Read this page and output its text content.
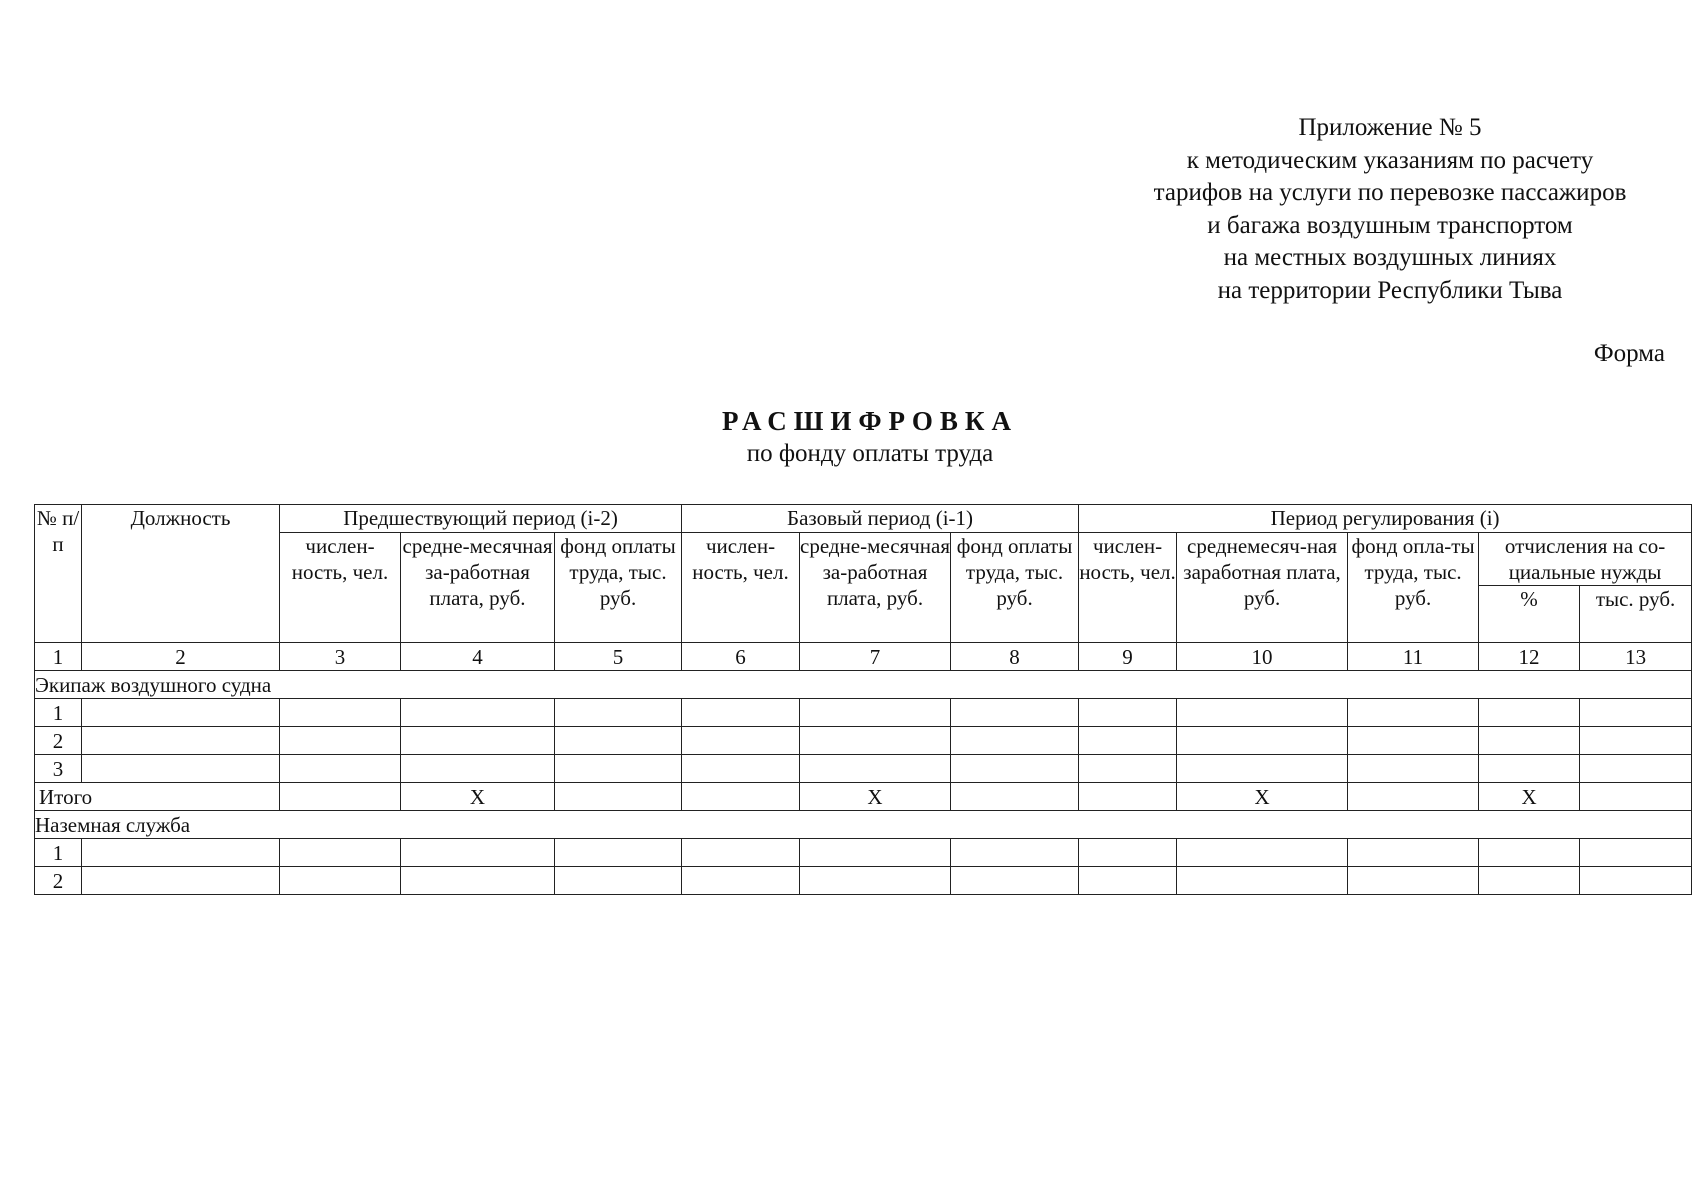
Приложение № 5
к методическим указаниям по расчету
тарифов на услуги по перевозке пассажиров
и багажа воздушным транспортом
на местных воздушных линиях
на территории Республики Тыва
Форма
РАСШИФРОВКА
по фонду оплаты труда
№ п/п	Должность	Предшествующий период (i-2)			Базовый период (i-1)			Период регулирования (i)				
		числен-ность, чел.	средне-месячная за-работная плата, руб.	фонд оплаты труда, тыс. руб.	числен-ность, чел.	средне-месячная за-работная плата, руб.	фонд оплаты труда, тыс. руб.	числен-ность, чел.	среднемесяч-ная заработная плата, руб.	фонд опла-ты труда, тыс. руб.	отчисления на со-циальные нужды	
											%	тыс. руб.
1	2	3	4	5	6	7	8	9	10	11	12	13
Экипаж воздушного судна												
1												
2												
3												
Итого			Х			Х			Х		Х	
Наземная служба												
1												
2												
